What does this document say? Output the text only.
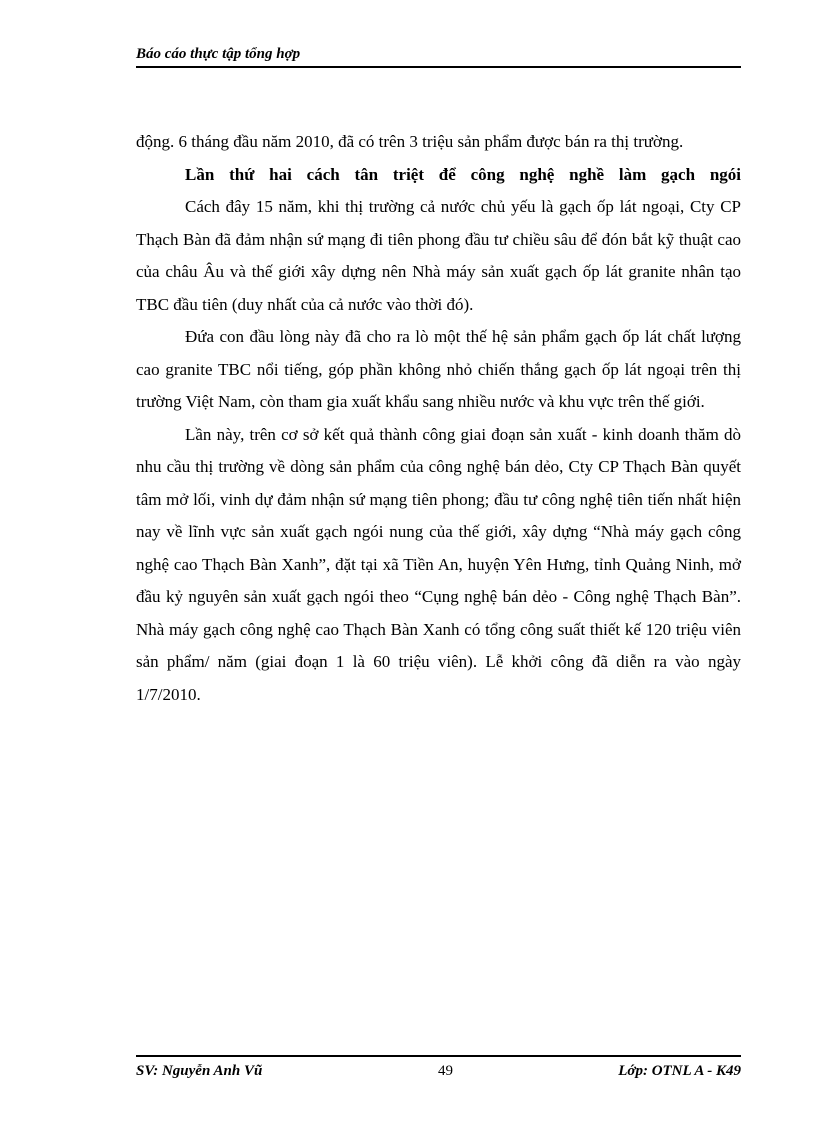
Báo cáo thực tập tổng hợp

động. 6 tháng đầu năm 2010, đã có trên 3 triệu sản phẩm được bán ra thị trường.

Lần thứ hai cách tân triệt để công nghệ nghề làm gạch ngói

Cách đây 15 năm, khi thị trường cả nước chủ yếu là gạch ốp lát ngoại, Cty CP Thạch Bàn đã đảm nhận sứ mạng đi tiên phong đầu tư chiều sâu để đón bắt kỹ thuật cao của châu Âu và thế giới xây dựng nên Nhà máy sản xuất gạch ốp lát granite nhân tạo TBC đầu tiên (duy nhất của cả nước vào thời đó).

Đứa con đầu lòng này đã cho ra lò một thế hệ sản phẩm gạch ốp lát chất lượng cao granite TBC nổi tiếng, góp phần không nhỏ chiến thắng gạch ốp lát ngoại trên thị trường Việt Nam, còn tham gia xuất khẩu sang nhiều nước và khu vực trên thế giới.

Lần này, trên cơ sở kết quả thành công giai đoạn sản xuất - kinh doanh thăm dò nhu cầu thị trường về dòng sản phẩm của công nghệ bán dẻo, Cty CP Thạch Bàn quyết tâm mở lối, vinh dự đảm nhận sứ mạng tiên phong; đầu tư công nghệ tiên tiến nhất hiện nay về lĩnh vực sản xuất gạch ngói nung của thế giới, xây dựng “Nhà máy gạch công nghệ cao Thạch Bàn Xanh”, đặt tại xã Tiền An, huyện Yên Hưng, tỉnh Quảng Ninh, mở đầu kỷ nguyên sản xuất gạch ngói theo “Cụng nghệ bán dẻo - Công nghệ Thạch Bàn”. Nhà máy gạch công nghệ cao Thạch Bàn Xanh có tổng công suất thiết kế 120 triệu viên sản phẩm/ năm (giai đoạn 1 là 60 triệu viên). Lễ khởi công đã diễn ra vào ngày 1/7/2010.

SV: Nguyễn Anh Vũ	49	Lớp: OTNL A - K49
